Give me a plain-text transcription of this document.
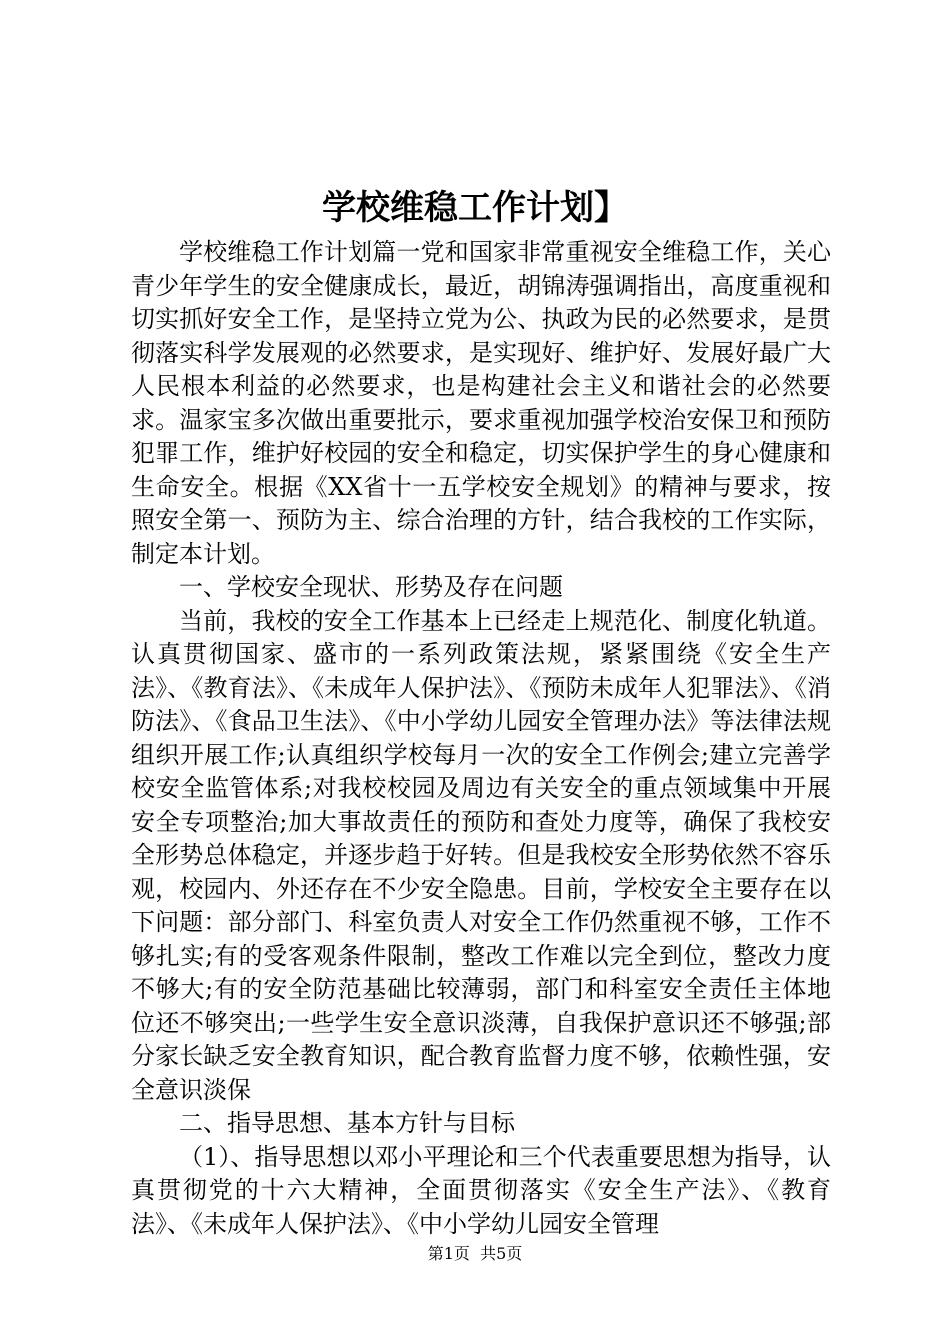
学校维稳工作计划】

学校维稳工作计划篇一党和国家非常重视安全维稳工作，关心青少年学生的安全健康成长，最近，胡锦涛强调指出，高度重视和切实抓好安全工作，是坚持立党为公、执政为民的必然要求，是贯彻落实科学发展观的必然要求，是实现好、维护好、发展好最广大人民根本利益的必然要求，也是构建社会主义和谐社会的必然要求。温家宝多次做出重要批示，要求重视加强学校治安保卫和预防犯罪工作，维护好校园的安全和稳定，切实保护学生的身心健康和生命安全。根据《XX省十一五学校安全规划》的精神与要求，按照安全第一、预防为主、综合治理的方针，结合我校的工作实际，制定本计划。

一、学校安全现状、形势及存在问题

当前，我校的安全工作基本上已经走上规范化、制度化轨道。认真贯彻国家、盛市的一系列政策法规，紧紧围绕《安全生产法》、《教育法》、《未成年人保护法》、《预防未成年人犯罪法》、《消防法》、《食品卫生法》、《中小学幼儿园安全管理办法》等法律法规组织开展工作;认真组织学校每月一次的安全工作例会;建立完善学校安全监管体系;对我校校园及周边有关安全的重点领域集中开展安全专项整治;加大事故责任的预防和查处力度等，确保了我校安全形势总体稳定，并逐步趋于好转。但是我校安全形势依然不容乐观，校园内、外还存在不少安全隐患。目前，学校安全主要存在以下问题：部分部门、科室负责人对安全工作仍然重视不够，工作不够扎实;有的受客观条件限制，整改工作难以完全到位，整改力度不够大;有的安全防范基础比较薄弱，部门和科室安全责任主体地位还不够突出;一些学生安全意识淡薄，自我保护意识还不够强;部分家长缺乏安全教育知识，配合教育监督力度不够，依赖性强，安全意识淡保

二、指导思想、基本方针与目标

（1）、指导思想以邓小平理论和三个代表重要思想为指导，认真贯彻党的十六大精神，全面贯彻落实《安全生产法》、《教育法》、《未成年人保护法》、《中小学幼儿园安全管理

第1页 共5页
